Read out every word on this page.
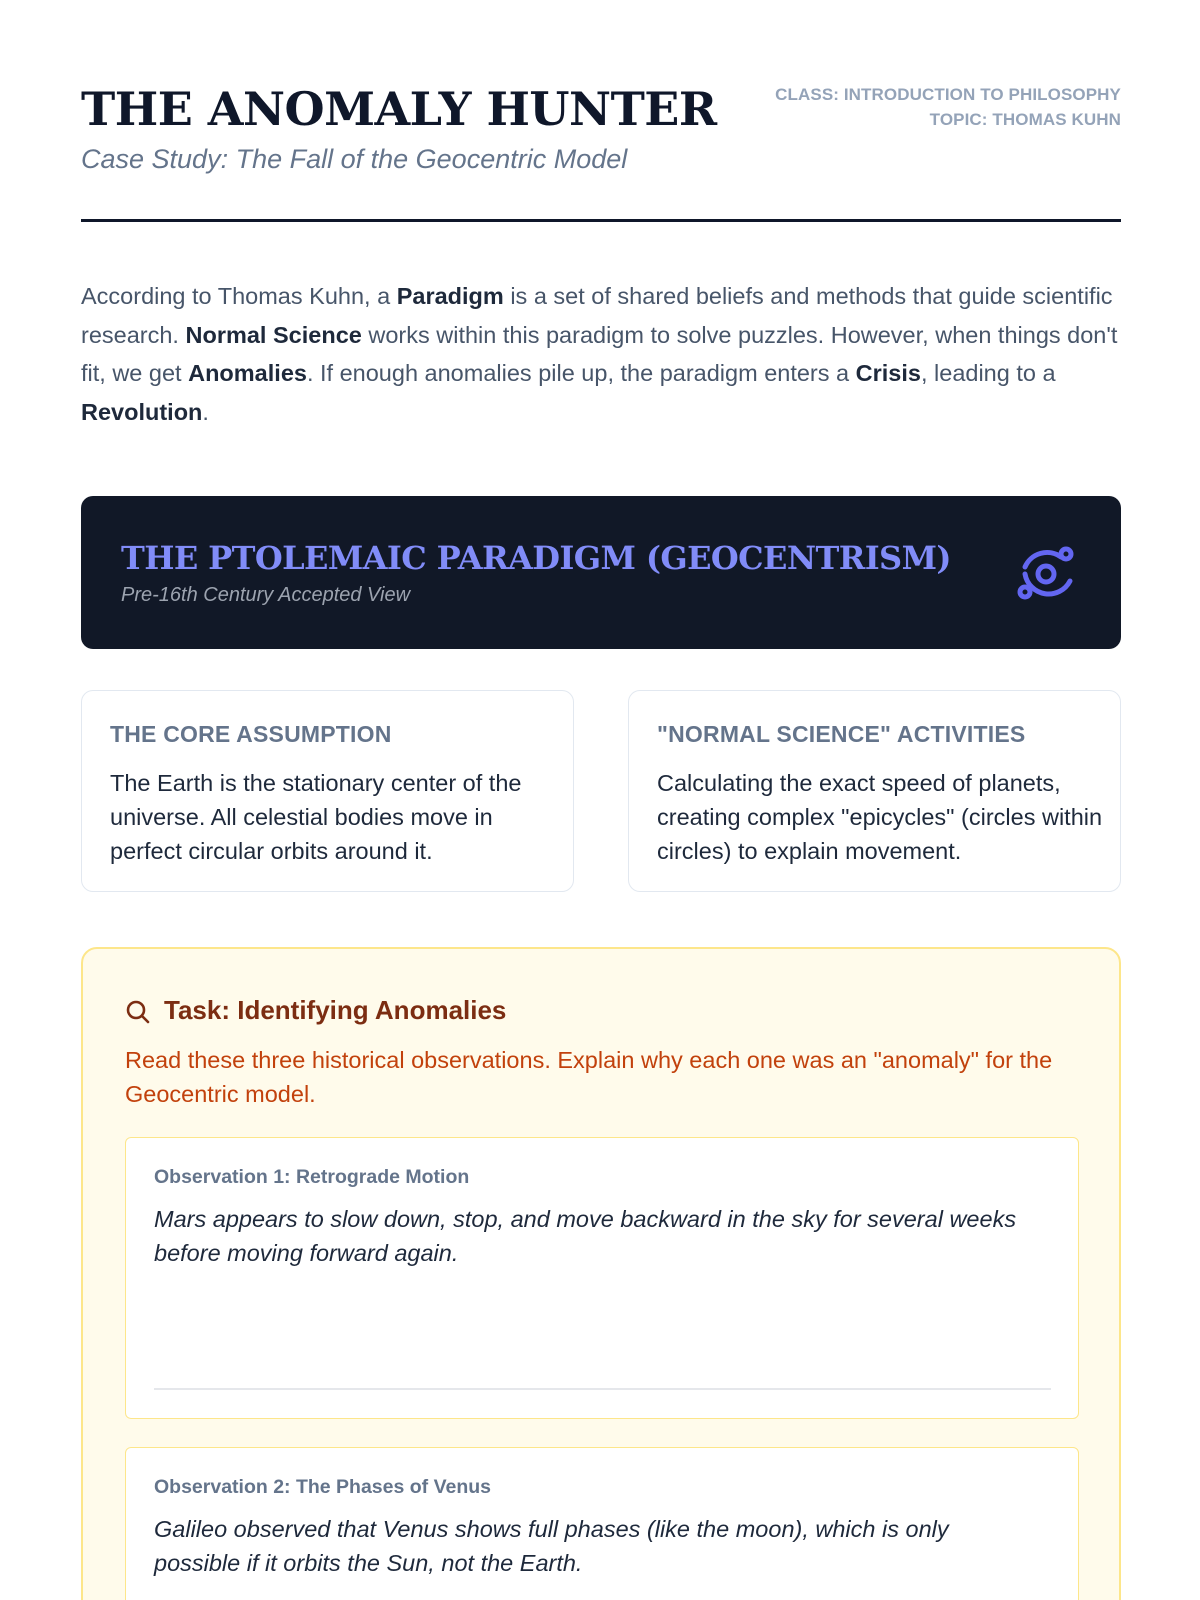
THE ANOMALY HUNTER
Case Study: The Fall of the Geocentric Model
CLASS: INTRODUCTION TO PHILOSOPHY
TOPIC: THOMAS KUHN

According to Thomas Kuhn, a Paradigm is a set of shared beliefs and methods that guide scientific research. Normal Science works within this paradigm to solve puzzles. However, when things don't fit, we get Anomalies. If enough anomalies pile up, the paradigm enters a Crisis, leading to a Revolution.

THE PTOLEMAIC PARADIGM (GEOCENTRISM)
Pre-16th Century Accepted View
THE CORE ASSUMPTION
The Earth is the stationary center of the universe. All celestial bodies move in perfect circular orbits around it.
"NORMAL SCIENCE" ACTIVITIES
Calculating the exact speed of planets, creating complex "epicycles" (circles within circles) to explain movement.
Task: Identifying Anomalies
Read these three historical observations. Explain why each one was an "anomaly" for the Geocentric model.
Observation 1: Retrograde Motion
Mars appears to slow down, stop, and move backward in the sky for several weeks before moving forward again.
Observation 2: The Phases of Venus
Galileo observed that Venus shows full phases (like the moon), which is only possible if it orbits the Sun, not the Earth.
